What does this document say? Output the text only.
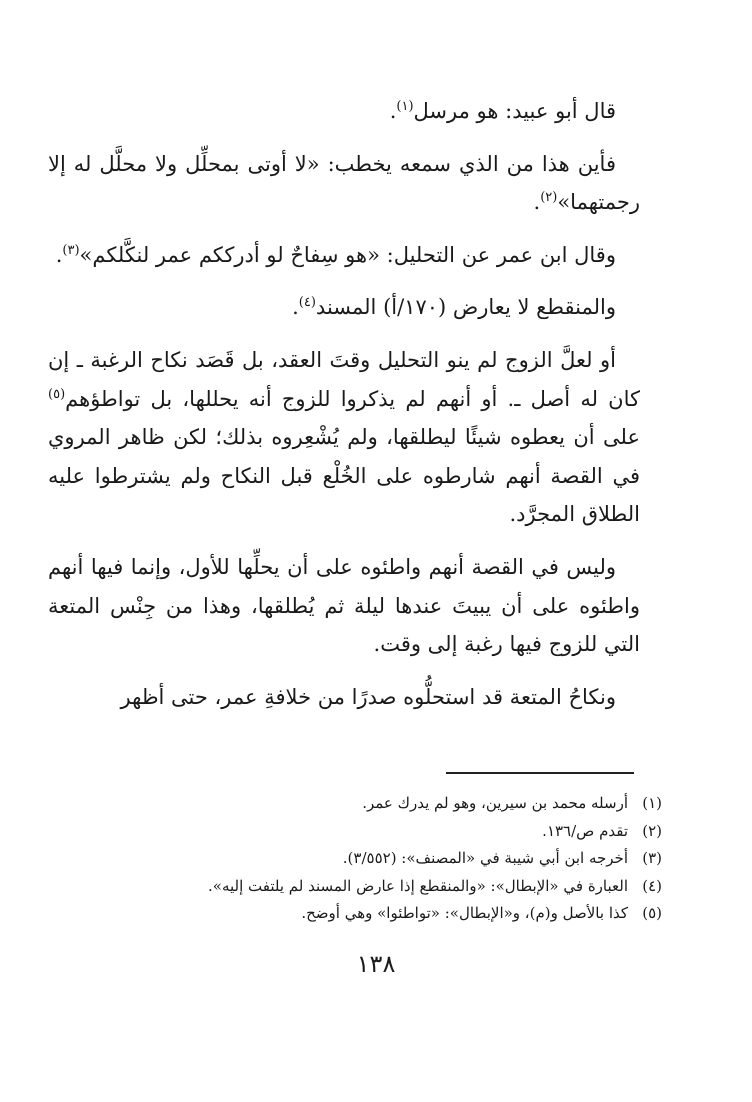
قال أبو عبيد: هو مرسل$^{(١)}$.

فأين هذا من الذي سمعه يخطب: «لا أوتى بمحلِّل ولا محلَّل له إلا رجمتهما»$^{(٢)}$.

وقال ابن عمر عن التحليل: «هو سِفاحٌ لو أدرككم عمر لنكَّلكم»$^{(٣)}$.

والمنقطع لا يعارض (١٧٠/أ) المسند$^{(٤)}$.

أو لعلَّ الزوج لم ينو التحليل وقتَ العقد، بل قَصَد نكاح الرغبة ـ إن كان له أصل ـ. أو أنهم لم يذكروا للزوج أنه يحللها، بل تواطؤهم$^{(٥)}$ على أن يعطوه شيئًا ليطلقها، ولم يُشْعِروه بذلك؛ لكن ظاهر المروي في القصة أنهم شارطوه على الخُلْع قبل النكاح ولم يشترطوا عليه الطلاق المجرَّد.

وليس في القصة أنهم واطئوه على أن يحلِّها للأول، وإنما فيها أنهم واطئوه على أن يبيتَ عندها ليلة ثم يُطلقها، وهذا من جِنْس المتعة التي للزوج فيها رغبة إلى وقت.

ونكاحُ المتعة قد استحلُّوه صدرًا من خلافةِ عمر، حتى أظهر

(١)أرسله محمد بن سيرين، وهو لم يدرك عمر.

(٢)تقدم ص/١٣٦.

(٣)أخرجه ابن أبي شيبة في «المصنف»: (٣/٥٥٢).

(٤)العبارة في «الإبطال»: «والمنقطع إذا عارض المسند لم يلتفت إليه».

(٥)كذا بالأصل و(م)، و«الإبطال»: «تواطئوا» وهي أوضح.

١٣٨
